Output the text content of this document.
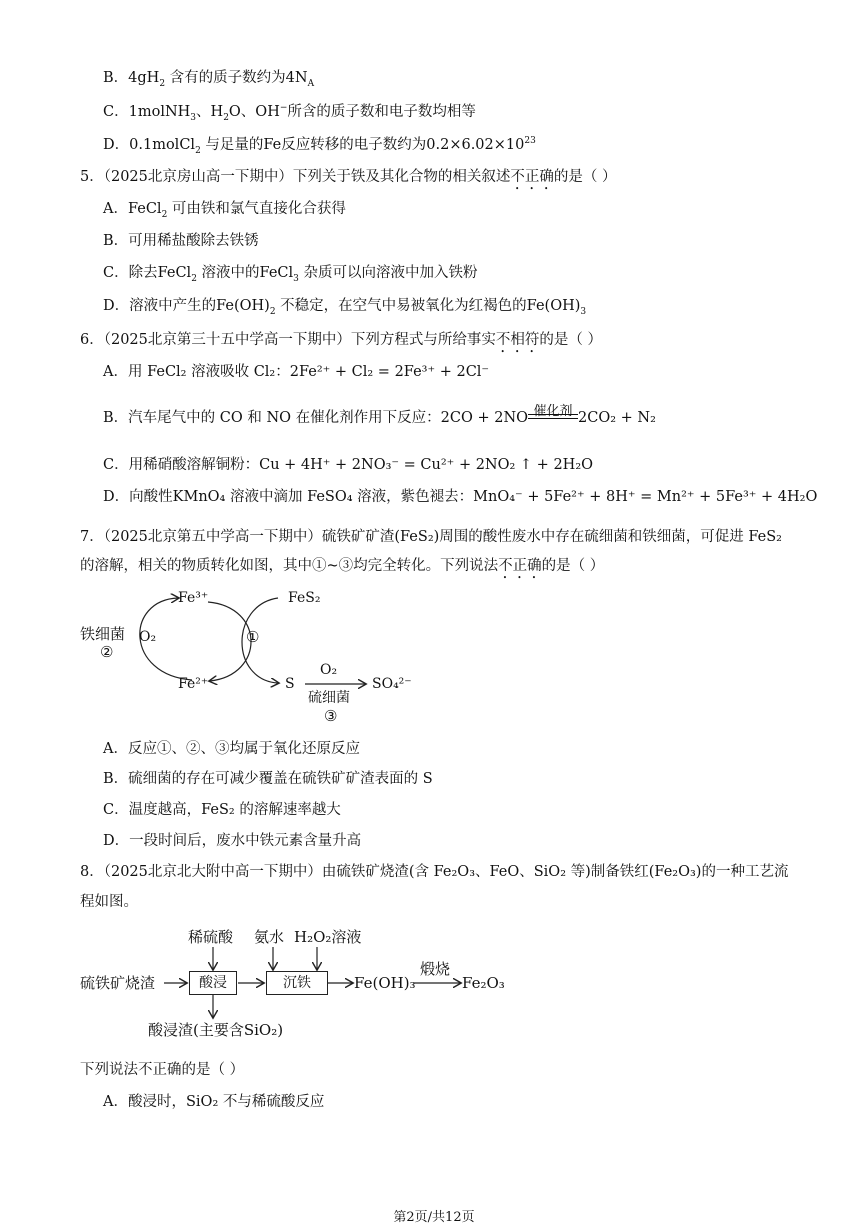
B．$4gH_2$ 含有的质子数约为$4N_A$
C．1molNH$_3$、$H_2O$、OH−所含的质子数和电子数均相等
D．0.1molCl$_2$ 与足量的Fe反应转移的电子数约为$0.2\times 6.02\times 10^{23}$
5．（2025北京房山高一下期中）下列关于铁及其化合物的相关叙述不正确的是（ ）
A．FeCl$_2$ 可由铁和氯气直接化合获得
B．可用稀盐酸除去铁锈
C．除去FeCl$_2$ 溶液中的FeCl$_3$ 杂质可以向溶液中加入铁粉
D．溶液中产生的$Fe(OH)_2$ 不稳定，在空气中易被氧化为红褐色的$Fe(OH)_3$
6．（2025北京第三十五中学高一下期中）下列方程式与所给事实不相符的是（ ）
A．用 FeCl₂ 溶液吸收 Cl₂：2Fe²⁺ + Cl₂ = 2Fe³⁺ + 2Cl⁻
B．汽车尾气中的 CO 和 NO 在催化剂作用下反应：2CO + 2NO 催化剂 2CO₂ + N₂
C．用稀硝酸溶解铜粉：Cu + 4H⁺ + 2NO₃⁻ = Cu²⁺ + 2NO₂ ↑ + 2H₂O
D．向酸性KMnO₄ 溶液中滴加 FeSO₄ 溶液，紫色褪去：MnO₄⁻ + 5Fe²⁺ + 8H⁺ = Mn²⁺ + 5Fe³⁺ + 4H₂O
7．（2025北京第五中学高一下期中）硫铁矿矿渣(FeS₂)周围的酸性废水中存在硫细菌和铁细菌，可促进 FeS₂
的溶解，相关的物质转化如图，其中①~③均完全转化。下列说法不正确的是（ ）
Fe³⁺	FeS₂
铁细菌 O₂
②
①
Fe²⁺	S
O₂
SO₄²⁻
硫细菌
③
A．反应①、②、③均属于氧化还原反应
B．硫细菌的存在可减少覆盖在硫铁矿矿渣表面的 S
C．温度越高，FeS₂ 的溶解速率越大
D．一段时间后，废水中铁元素含量升高
8．（2025北京北大附中高一下期中）由硫铁矿烧渣(含 Fe₂O₃、FeO、SiO₂ 等)制备铁红(Fe₂O₃)的一种工艺流
程如图。
硫铁矿烧渣
稀硫酸
酸浸
氨水 H₂O₂溶液
沉铁	Fe(OH)₃
煅烧
Fe₂O₃
酸浸渣(主要含SiO₂)
下列说法不正确的是（ ）
A．酸浸时，SiO₂ 不与稀硫酸反应
第2页/共12页
